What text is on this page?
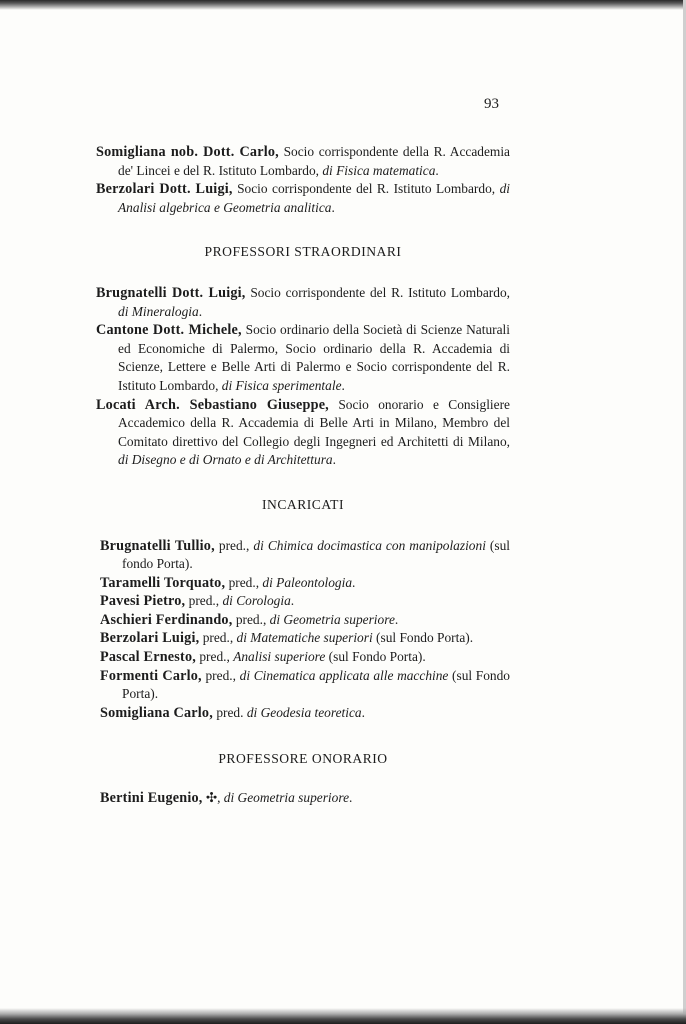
93
Somigliana nob. Dott. Carlo, Socio corrispondente della R. Accademia de' Lincei e del R. Istituto Lombardo, di Fisica matematica.
Berzolari Dott. Luigi, Socio corrispondente del R. Istituto Lombardo, di Analisi algebrica e Geometria analitica.
PROFESSORI STRAORDINARI
Brugnatelli Dott. Luigi, Socio corrispondente del R. Istituto Lombardo, di Mineralogia.
Cantone Dott. Michele, Socio ordinario della Società di Scienze Naturali ed Economiche di Palermo, Socio ordinario della R. Accademia di Scienze, Lettere e Belle Arti di Palermo e Socio corrispondente del R. Istituto Lombardo, di Fisica sperimentale.
Locati Arch. Sebastiano Giuseppe, Socio onorario e Consigliere Accademico della R. Accademia di Belle Arti in Milano, Membro del Comitato direttivo del Collegio degli Ingegneri ed Architetti di Milano, di Disegno e di Ornato e di Architettura.
INCARICATI
Brugnatelli Tullio, pred., di Chimica docimastica con manipolazioni (sul fondo Porta).
Taramelli Torquato, pred., di Paleontologia.
Pavesi Pietro, pred., di Corologia.
Aschieri Ferdinando, pred., di Geometria superiore.
Berzolari Luigi, pred., di Matematiche superiori (sul Fondo Porta).
Pascal Ernesto, pred., Analisi superiore (sul Fondo Porta).
Formenti Carlo, pred., di Cinematica applicata alle macchine (sul Fondo Porta).
Somigliana Carlo, pred. di Geodesia teoretica.
PROFESSORE ONORARIO
Bertini Eugenio, ✣, di Geometria superiore.
